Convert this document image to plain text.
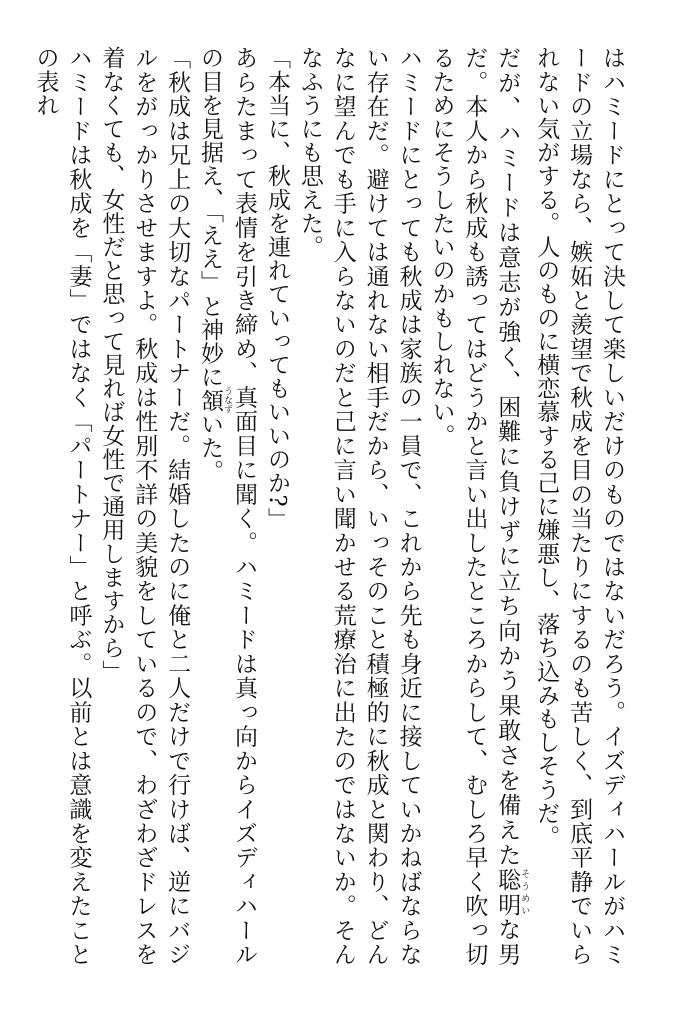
はハミードにとって決して楽しいだけのものではないだろう。イズディハールがハミードの立場なら、嫉妬と羨望で秋成を目の当たりにするのも苦しく、到底平静でいられない気がする。人のものに横恋慕する己に嫌悪し、落ち込みもしそうだ。

だが、ハミードは意志が強く、困難に負けずに立ち向かう果敢さを備えた聡明 そうめいな男だ。本人から秋成も誘ってはどうかと言い出したところからして、むしろ早く吹っ切るためにそうしたいのかもしれない。

ハミードにとっても秋成は家族の一員で、これから先も身近に接していかねばならない存在だ。避けては通れない相手だから、いっそのこと積極的に秋成と関わり、どんなに望んでも手に入らないのだと己に言い聞かせる荒療治に出たのではないか。そんなふうにも思えた。

「本当に、秋成を連れていってもいいのか?」

あらたまって表情を引き締め、真面目に聞く。ハミードは真っ向からイズディハールの目を見据え、「ええ」と神妙に頷 うなずいた。

「秋成は兄上の大切なパートナーだ。結婚したのに俺と二人だけで行けば、逆にバジルをがっかりさせますよ。秋成は性別不詳の美貌をしているので、わざわざドレスを着なくても、女性だと思って見れば女性で通用しますから」

ハミードは秋成を「妻」ではなく「パートナー」と呼ぶ。以前とは意識を変えたことの表れ
